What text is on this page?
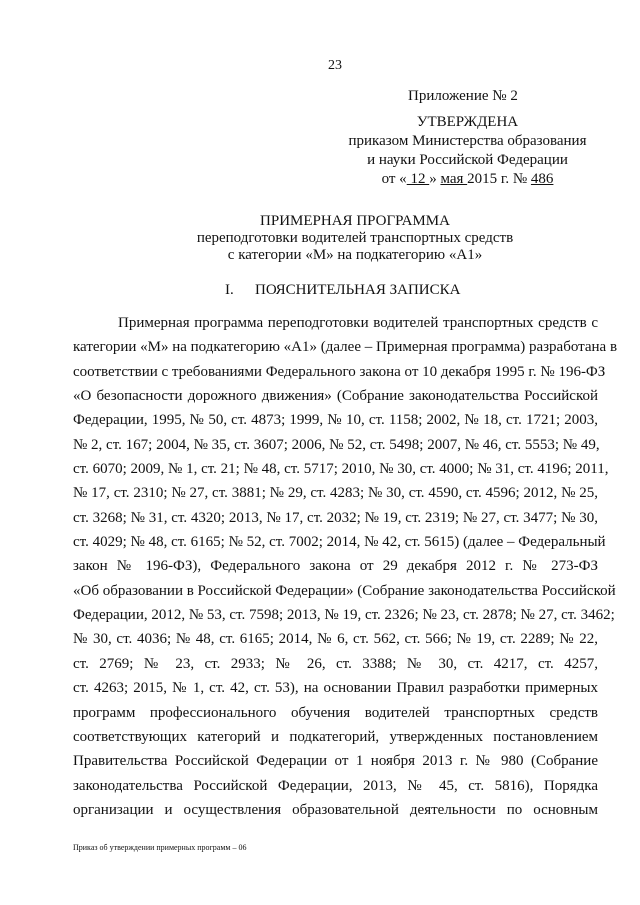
23
Приложение № 2
УТВЕРЖДЕНА
приказом Министерства образования
и науки Российской Федерации
от « 12 » мая 2015 г. № 486
ПРИМЕРНАЯ ПРОГРАММА
переподготовки водителей транспортных средств
с категории «М» на подкатегорию «А1»
I. ПОЯСНИТЕЛЬНАЯ ЗАПИСКА
Примерная программа переподготовки водителей транспортных средств с
категории «М» на подкатегорию «А1» (далее – Примерная программа) разработана в
соответствии с требованиями Федерального закона от 10 декабря 1995 г. № 196-ФЗ
«О безопасности дорожного движения» (Собрание законодательства Российской
Федерации, 1995, № 50, ст. 4873; 1999, № 10, ст. 1158; 2002, № 18, ст. 1721; 2003,
№ 2, ст. 167; 2004, № 35, ст. 3607; 2006, № 52, ст. 5498; 2007, № 46, ст. 5553; № 49,
ст. 6070; 2009, № 1, ст. 21; № 48, ст. 5717; 2010, № 30, ст. 4000; № 31, ст. 4196; 2011,
№ 17, ст. 2310; № 27, ст. 3881; № 29, ст. 4283; № 30, ст. 4590, ст. 4596; 2012, № 25,
ст. 3268; № 31, ст. 4320; 2013, № 17, ст. 2032; № 19, ст. 2319; № 27, ст. 3477; № 30,
ст. 4029; № 48, ст. 6165; № 52, ст. 7002; 2014, № 42, ст. 5615) (далее – Федеральный
закон № 196-ФЗ), Федерального закона от 29 декабря 2012 г. № 273-ФЗ
«Об образовании в Российской Федерации» (Собрание законодательства Российской
Федерации, 2012, № 53, ст. 7598; 2013, № 19, ст. 2326; № 23, ст. 2878; № 27, ст. 3462;
№ 30, ст. 4036; № 48, ст. 6165; 2014, № 6, ст. 562, ст. 566; № 19, ст. 2289; № 22,
ст. 2769; № 23, ст. 2933; № 26, ст. 3388; № 30, ст. 4217, ст. 4257,
ст. 4263; 2015, № 1, ст. 42, ст. 53), на основании Правил разработки примерных
программ профессионального обучения водителей транспортных средств
соответствующих категорий и подкатегорий, утвержденных постановлением
Правительства Российской Федерации от 1 ноября 2013 г. № 980 (Собрание
законодательства Российской Федерации, 2013, № 45, ст. 5816), Порядка
организации и осуществления образовательной деятельности по основным
Приказ об утверждении примерных программ – 06
